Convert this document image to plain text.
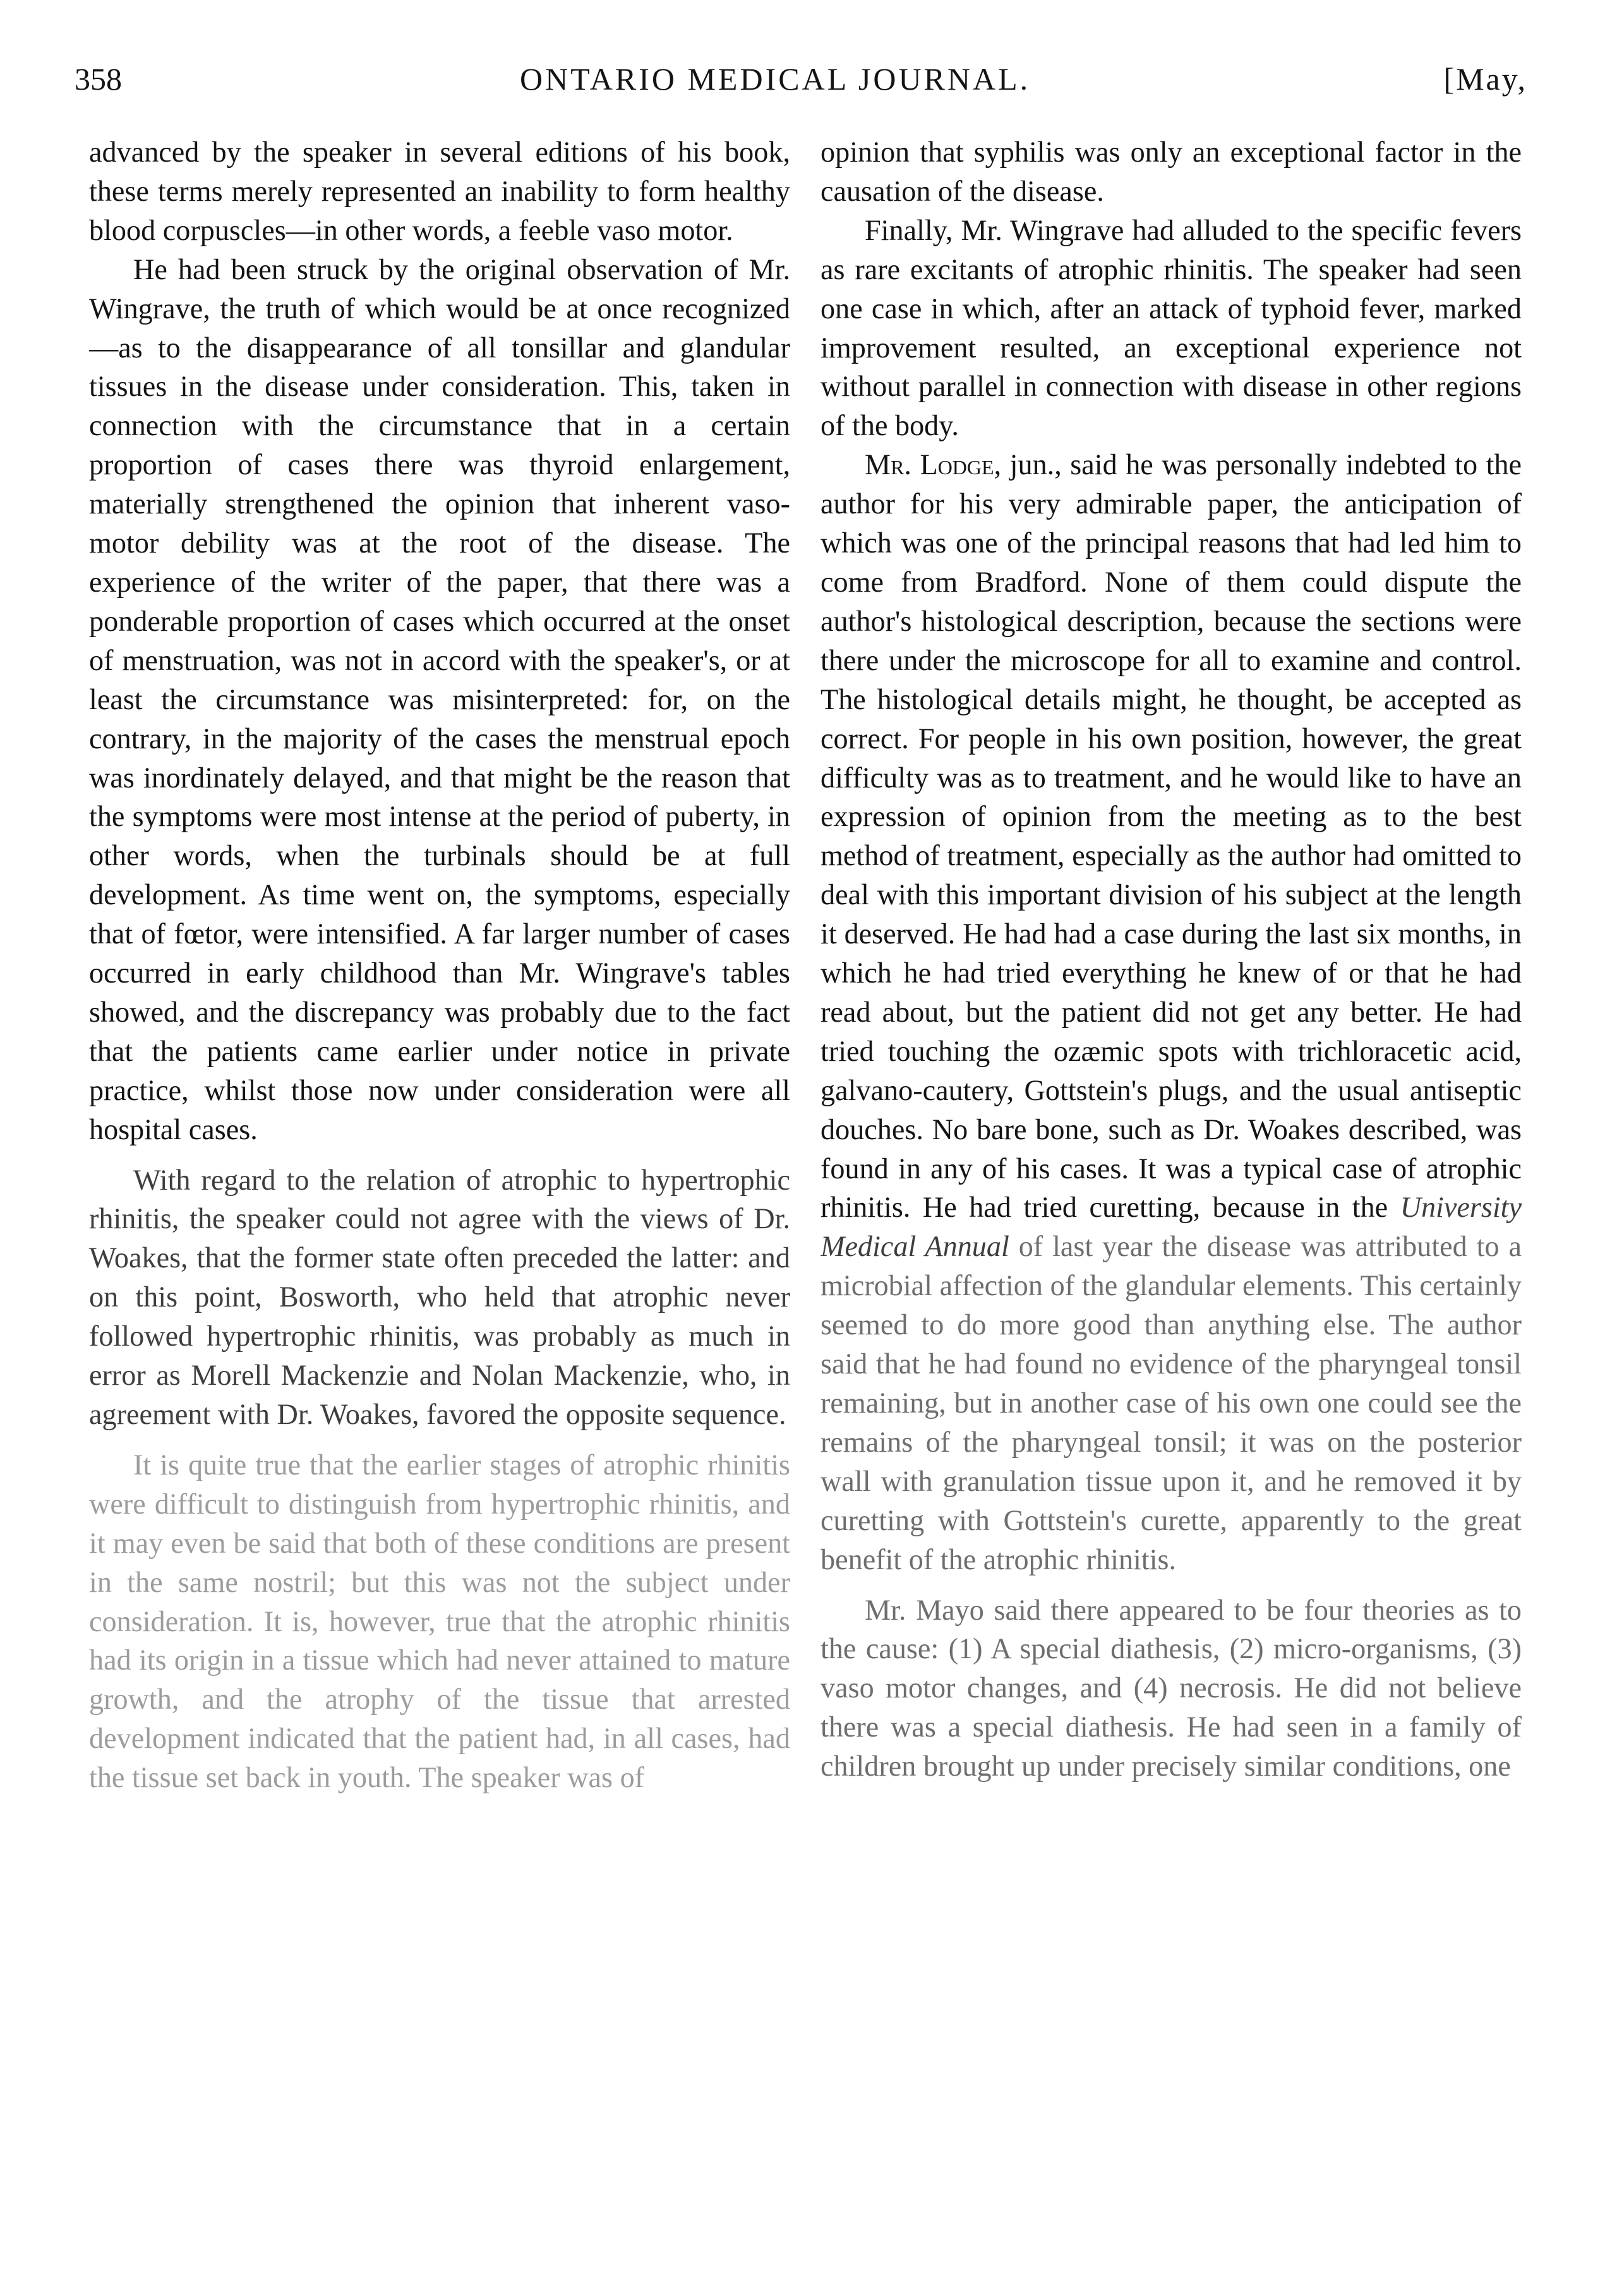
358	ONTARIO MEDICAL JOURNAL.	[May,

advanced by the speaker in several editions of his book, these terms merely represented an inability to form healthy blood corpuscles—in other words, a feeble vaso motor.

He had been struck by the original observation of Mr. Wingrave, the truth of which would be at once recognized—as to the disappearance of all tonsillar and glandular tissues in the disease under consideration. This, taken in connection with the circumstance that in a certain proportion of cases there was thyroid enlargement, materially strengthened the opinion that inherent vaso-motor debility was at the root of the disease. The experience of the writer of the paper, that there was a ponderable proportion of cases which occurred at the onset of menstruation, was not in accord with the speaker's, or at least the circumstance was misinterpreted: for, on the contrary, in the majority of the cases the menstrual epoch was inordinately delayed, and that might be the reason that the symptoms were most intense at the period of puberty, in other words, when the turbinals should be at full development. As time went on, the symptoms, especially that of fœtor, were intensified. A far larger number of cases occurred in early childhood than Mr. Wingrave's tables showed, and the discrepancy was probably due to the fact that the patients came earlier under notice in private practice, whilst those now under consideration were all hospital cases.

With regard to the relation of atrophic to hypertrophic rhinitis, the speaker could not agree with the views of Dr. Woakes, that the former state often preceded the latter: and on this point, Bosworth, who held that atrophic never followed hypertrophic rhinitis, was probably as much in error as Morell Mackenzie and Nolan Mackenzie, who, in agreement with Dr. Woakes, favored the opposite sequence.

It is quite true that the earlier stages of atrophic rhinitis were difficult to distinguish from hypertrophic rhinitis, and it may even be said that both of these conditions are present in the same nostril; but this was not the subject under consideration. It is, however, true that the atrophic rhinitis had its origin in a tissue which had never attained to mature growth, and the atrophy of the tissue that arrested development indicated that the patient had, in all cases, had the tissue set back in youth. The speaker was of

opinion that syphilis was only an exceptional factor in the causation of the disease.

Finally, Mr. Wingrave had alluded to the specific fevers as rare excitants of atrophic rhinitis. The speaker had seen one case in which, after an attack of typhoid fever, marked improvement resulted, an exceptional experience not without parallel in connection with disease in other regions of the body.

Mr. Lodge, jun., said he was personally indebted to the author for his very admirable paper, the anticipation of which was one of the principal reasons that had led him to come from Bradford. None of them could dispute the author's histological description, because the sections were there under the microscope for all to examine and control. The histological details might, he thought, be accepted as correct. For people in his own position, however, the great difficulty was as to treatment, and he would like to have an expression of opinion from the meeting as to the best method of treatment, especially as the author had omitted to deal with this important division of his subject at the length it deserved. He had had a case during the last six months, in which he had tried everything he knew of or that he had read about, but the patient did not get any better. He had tried touching the ozæmic spots with trichloracetic acid, galvano-cautery, Gottstein's plugs, and the usual antiseptic douches. No bare bone, such as Dr. Woakes described, was found in any of his cases. It was a typical case of atrophic rhinitis. He had tried curetting, because in the University Medical Annual of last year the disease was attributed to a microbial affection of the glandular elements. This certainly seemed to do more good than anything else. The author said that he had found no evidence of the pharyngeal tonsil remaining, but in another case of his own one could see the remains of the pharyngeal tonsil; it was on the posterior wall with granulation tissue upon it, and he removed it by curetting with Gottstein's curette, apparently to the great benefit of the atrophic rhinitis.

Mr. Mayo said there appeared to be four theories as to the cause: (1) A special diathesis, (2) micro-organisms, (3) vaso motor changes, and (4) necrosis. He did not believe there was a special diathesis. He had seen in a family of children brought up under precisely similar conditions, one
